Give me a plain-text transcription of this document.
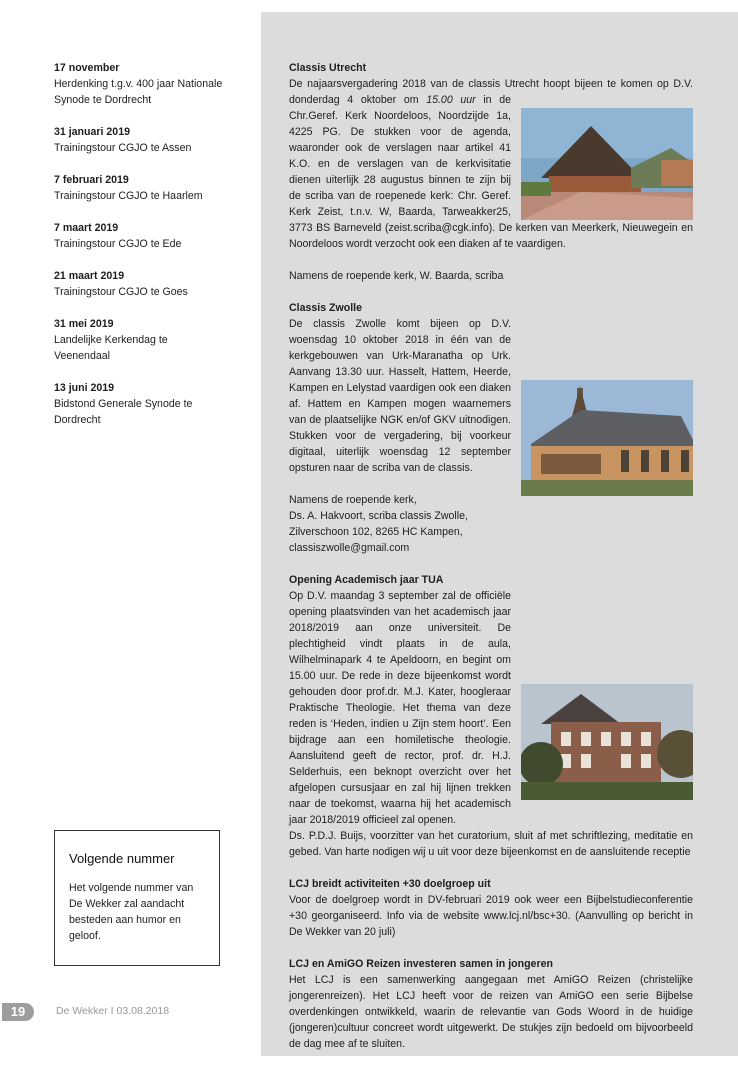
17 november
Herdenking t.g.v. 400 jaar Nationale Synode te Dordrecht
31 januari 2019
Trainingstour CGJO te Assen
7 februari 2019
Trainingstour CGJO te Haarlem
7 maart 2019
Trainingstour CGJO te Ede
21 maart 2019
Trainingstour CGJO te Goes
31 mei 2019
Landelijke Kerkendag te Veenendaal
13 juni 2019
Bidstond Generale Synode te Dordrecht
Volgende nummer
Het volgende nummer van De Wekker zal aandacht besteden aan humor en geloof.
19	De Wekker I 03.08.2018
Classis Utrecht

De najaarsvergadering 2018 van de classis Utrecht hoopt bijeen te komen op D.V. donderdag 4 oktober om 15.00 uur
in de Chr.Geref. Kerk Noordeloos, Noordzijde 1a, 4225 PG. De stukken voor de agenda, waaronder ook de verslagen naar artikel 41 K.O. en de verslagen van de kerkvisitatie dienen uiterlijk 28 augustus binnen te zijn bij de scriba van de roepenede kerk: Chr. Geref. Kerk Zeist, t.n.v. W, Baarda, Tarweakker25, 3773 BS Barneveld (zeist.scriba@cgk.info). De kerken van Meerkerk, Nieuwegein en Noordeloos wordt verzocht ook een diaken af te vaardigen.

Namens de roepende kerk, W. Baarda, scriba

Classis Zwolle

De classis Zwolle komt bijeen op D.V. woensdag 10 oktober 2018 in één van de kerkgebouwen van Urk-Maranatha op Urk. Aanvang 13.30 uur. Hasselt, Hattem, Heerde, Kampen en Lelystad vaardigen ook een diaken af. Hattem en Kampen mogen waarnemers van de plaatselijke NGK en/of GKV uitnodigen. Stukken voor de vergadering, bij voorkeur digitaal, uiterlijk woensdag 12 september opsturen naar de scriba van de classis.

Namens de roepende kerk,
Ds. A. Hakvoort, scriba classis Zwolle,
Zilverschoon 102, 8265 HC Kampen,
classiszwolle@gmail.com
Opening Academisch jaar TUA

Op D.V. maandag 3 september zal de officiële opening plaatsvinden van het academisch jaar 2018/2019 aan onze universiteit. De plechtigheid vindt plaats in de aula, Wilhelminapark 4 te Apeldoorn, en begint om 15.00 uur. De rede in deze bijeenkomst wordt gehouden door prof.dr. M.J. Kater, hoogleraar Praktische Theologie. Het thema van deze reden is ‘Heden, indien u Zijn stem hoort’. Een bijdrage aan een homiletische theologie. Aansluitend geeft de rector, prof. dr. H.J. Selderhuis, een beknopt overzicht over het afgelopen cursusjaar en zal hij lijnen trekken naar de toekomst, waarna hij het academisch jaar 2018/2019 officieel zal openen.

Ds. P.D.J. Buijs, voorzitter van het curatorium, sluit af met schriftlezing, meditatie en gebed. Van harte nodigen wij u uit voor deze bijeenkomst en de aansluitende receptie

LCJ breidt activiteiten +30 doelgroep uit

Voor de doelgroep wordt in DV-februari 2019 ook weer een Bijbelstudieconferentie +30 georganiseerd. Info via de website www.lcj.nl/bsc+30. (Aanvulling op bericht in De Wekker van 20 juli)

LCJ en AmiGO Reizen investeren samen in jongeren

Het LCJ is een samenwerking aangegaan met AmiGO Reizen (christelijke jongerenreizen). Het LCJ heeft voor de reizen van AmiGO een serie Bijbelse overdenkingen ontwikkeld, waarin de relevantie van Gods Woord in de huidige (jongeren)cultuur concreet wordt uitgewerkt. De stukjes zijn bedoeld om bijvoorbeeld de dag mee af te sluiten.
